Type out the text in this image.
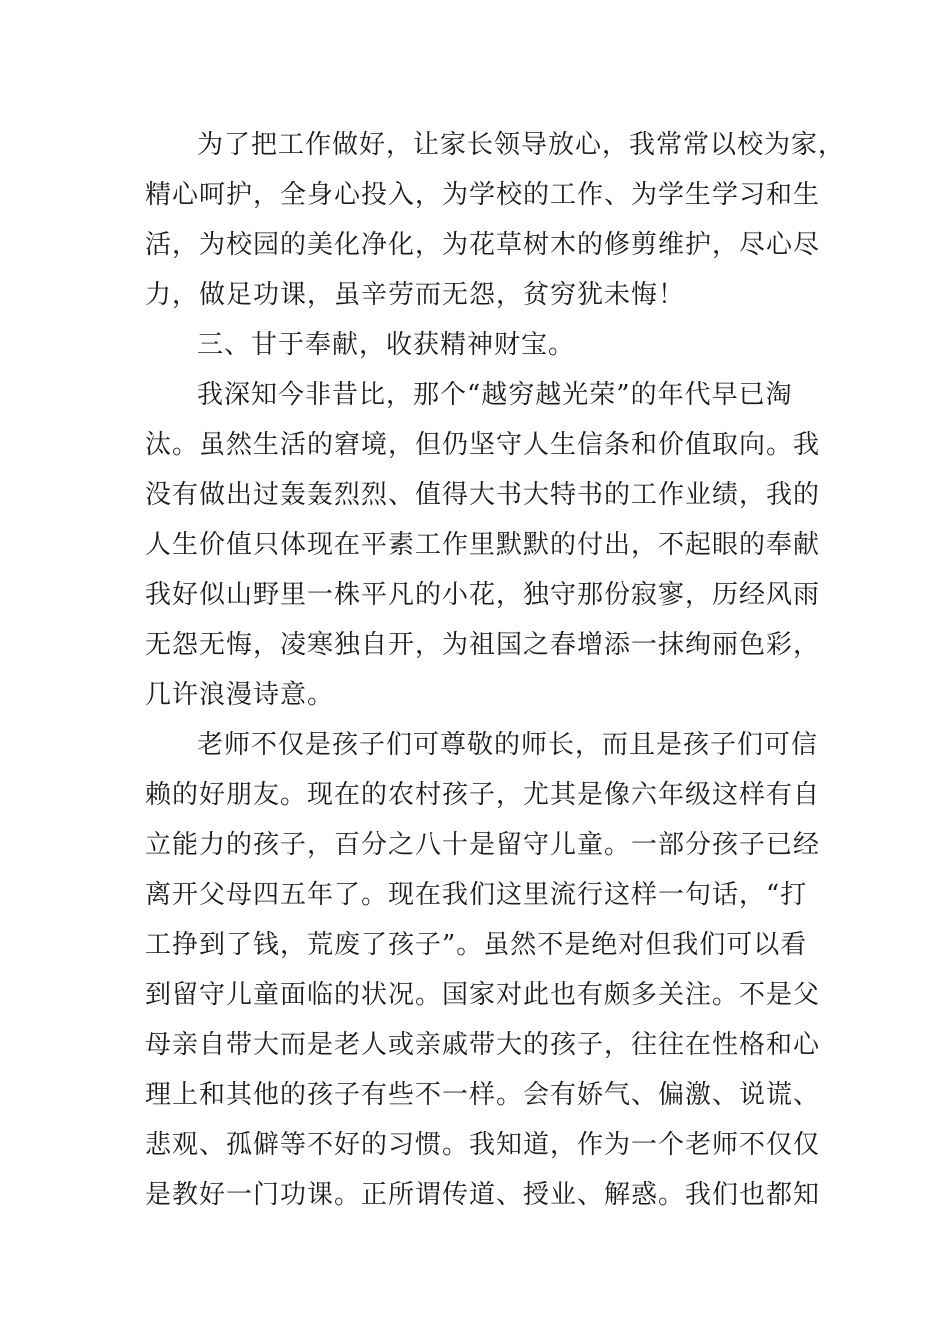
为了把工作做好，让家长领导放心，我常常以校为家，
精心呵护，全身心投入，为学校的工作、为学生学习和生
活，为校园的美化净化，为花草树木的修剪维护，尽心尽
力，做足功课，虽辛劳而无怨，贫穷犹未悔！
三、甘于奉献，收获精神财宝。
我深知今非昔比，那个“越穷越光荣”的年代早已淘
汰。虽然生活的窘境，但仍坚守人生信条和价值取向。我
没有做出过轰轰烈烈、值得大书大特书的工作业绩，我的
人生价值只体现在平素工作里默默的付出，不起眼的奉献
我好似山野里一株平凡的小花，独守那份寂寥，历经风雨
无怨无悔，凌寒独自开，为祖国之春增添一抹绚丽色彩，
几许浪漫诗意。
老师不仅是孩子们可尊敬的师长，而且是孩子们可信
赖的好朋友。现在的农村孩子，尤其是像六年级这样有自
立能力的孩子，百分之八十是留守儿童。一部分孩子已经
离开父母四五年了。现在我们这里流行这样一句话，“打
工挣到了钱，荒废了孩子”。虽然不是绝对但我们可以看
到留守儿童面临的状况。国家对此也有颇多关注。不是父
母亲自带大而是老人或亲戚带大的孩子，往往在性格和心
理上和其他的孩子有些不一样。会有娇气、偏激、说谎、
悲观、孤僻等不好的习惯。我知道，作为一个老师不仅仅
是教好一门功课。正所谓传道、授业、解惑。我们也都知
